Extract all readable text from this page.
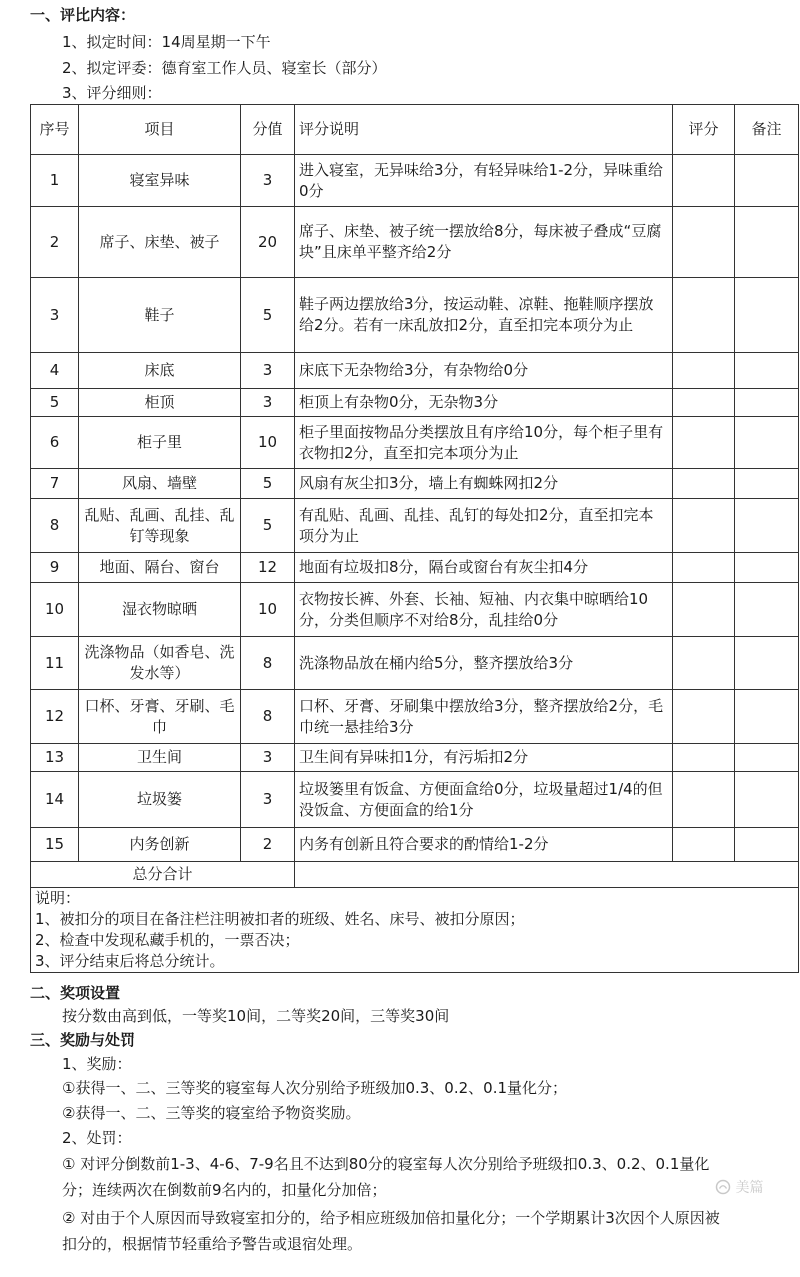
一、评比内容：
1、拟定时间：14周星期一下午
2、拟定评委：德育室工作人员、寝室长（部分）
3、评分细则：
序号	项目	分值	评分说明	评分	备注
1	寝室异味	3	进入寝室，无异味给3分，有轻异味给1-2分，异味重给0分		
2	席子、床垫、被子	20	席子、床垫、被子统一摆放给8分，每床被子叠成“豆腐块”且床单平整齐给2分		
3	鞋子	5	鞋子两边摆放给3分，按运动鞋、凉鞋、拖鞋顺序摆放给2分。若有一床乱放扣2分，直至扣完本项分为止		
4	床底	3	床底下无杂物给3分，有杂物给0分		
5	柜顶	3	柜顶上有杂物0分，无杂物3分		
6	柜子里	10	柜子里面按物品分类摆放且有序给10分，每个柜子里有衣物扣2分，直至扣完本项分为止		
7	风扇、墙壁	5	风扇有灰尘扣3分，墙上有蜘蛛网扣2分		
8	乱贴、乱画、乱挂、乱钉等现象	5	有乱贴、乱画、乱挂、乱钉的每处扣2分，直至扣完本项分为止		
9	地面、隔台、窗台	12	地面有垃圾扣8分，隔台或窗台有灰尘扣4分		
10	湿衣物晾晒	10	衣物按长裤、外套、长袖、短袖、内衣集中晾晒给10分，分类但顺序不对给8分，乱挂给0分		
11	洗涤物品（如香皂、洗发水等）	8	洗涤物品放在桶内给5分，整齐摆放给3分		
12	口杯、牙膏、牙刷、毛巾	8	口杯、牙膏、牙刷集中摆放给3分，整齐摆放给2分，毛巾统一悬挂给3分		
13	卫生间	3	卫生间有异味扣1分，有污垢扣2分		
14	垃圾篓	3	垃圾篓里有饭盒、方便面盒给0分，垃圾量超过1/4的但没饭盒、方便面盒的给1分		
15	内务创新	2	内务有创新且符合要求的酌情给1-2分		
总分合计					

说明：
1、被扣分的项目在备注栏注明被扣者的班级、姓名、床号、被扣分原因；
2、检查中发现私藏手机的，一票否决；
3、评分结束后将总分统计。					
二、奖项设置
按分数由高到低，一等奖10间，二等奖20间，三等奖30间
三、奖励与处罚
1、奖励：
①获得一、二、三等奖的寝室每人次分别给予班级加0.3、0.2、0.1量化分；
②获得一、二、三等奖的寝室给予物资奖励。
2、处罚：
① 对评分倒数前1-3、4-6、7-9名且不达到80分的寝室每人次分别给予班级扣0.3、0.2、0.1量化
分；连续两次在倒数前9名内的，扣量化分加倍；
② 对由于个人原因而导致寝室扣分的，给予相应班级加倍扣量化分；一个学期累计3次因个人原因被
扣分的，根据情节轻重给予警告或退宿处理。
美篇
